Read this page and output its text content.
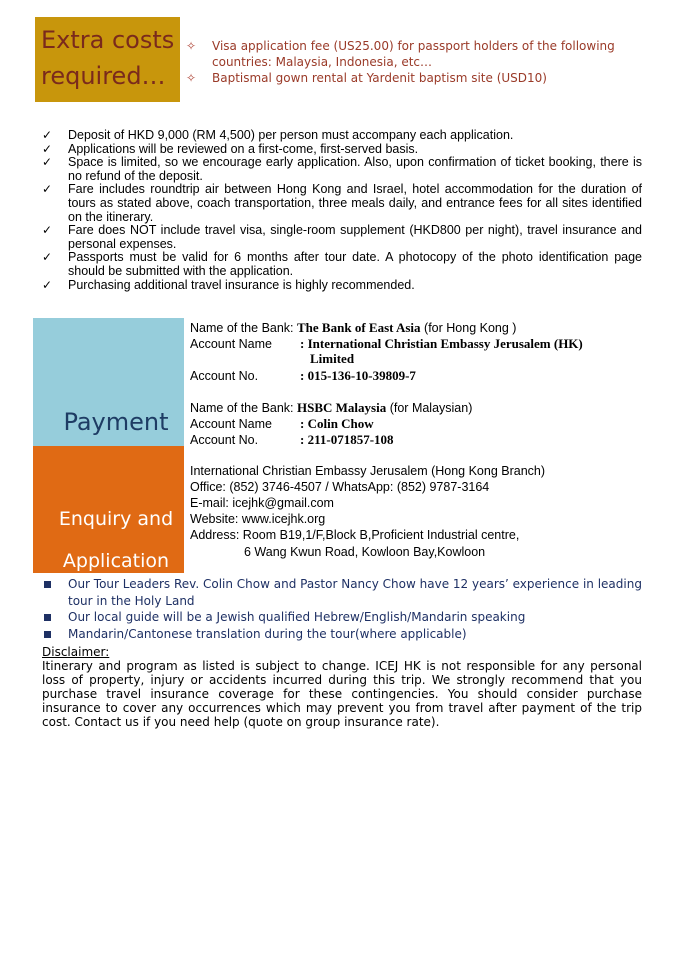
Extra costs required…
✧ Visa application fee (US25.00) for passport holders of the following countries: Malaysia, Indonesia, etc…
✧ Baptismal gown rental at Yardenit baptism site (USD10)
✓ Deposit of HKD 9,000 (RM 4,500) per person must accompany each application.
✓ Applications will be reviewed on a first-come, first-served basis.
✓ Space is limited, so we encourage early application. Also, upon confirmation of ticket booking, there is no refund of the deposit.
✓ Fare includes roundtrip air between Hong Kong and Israel, hotel accommodation for the duration of tours as stated above, coach transportation, three meals daily, and entrance fees for all sites identified on the itinerary.
✓ Fare does NOT include travel visa, single-room supplement (HKD800 per night), travel insurance and personal expenses.
✓ Passports must be valid for 6 months after tour date. A photocopy of the photo identification page should be submitted with the application.
✓ Purchasing additional travel insurance is highly recommended.
Payment
Name of the Bank: The Bank of East Asia (for Hong Kong )
Account Name : International Christian Embassy Jerusalem (HK)
Limited
Account No.	: 015-136-10-39809-7
Name of the Bank: HSBC Malaysia (for Malaysian)
Account Name : Colin Chow
Account No.	: 211-071857-108
Enquiry and
Application
International Christian Embassy Jerusalem (Hong Kong Branch)
Office: (852) 3746-4507 / WhatsApp: (852) 9787-3164
E-mail: icejhk@gmail.com
Website: www.icejhk.org
Address: Room B19,1/F,Block B,Proficient Industrial centre,
6 Wang Kwun Road, Kowloon Bay,Kowloon
Our Tour Leaders Rev. Colin Chow and Pastor Nancy Chow have 12 years’ experience in leading tour in the Holy Land
Our local guide will be a Jewish qualified Hebrew/English/Mandarin speaking
Mandarin/Cantonese translation during the tour(where applicable)
Disclaimer:
Itinerary and program as listed is subject to change. ICEJ HK is not responsible for any personal loss of property, injury or accidents incurred during this trip. We strongly recommend that you purchase travel insurance coverage for these contingencies. You should consider purchase insurance to cover any occurrences which may prevent you from travel after payment of the trip cost. Contact us if you need help (quote on group insurance rate).
